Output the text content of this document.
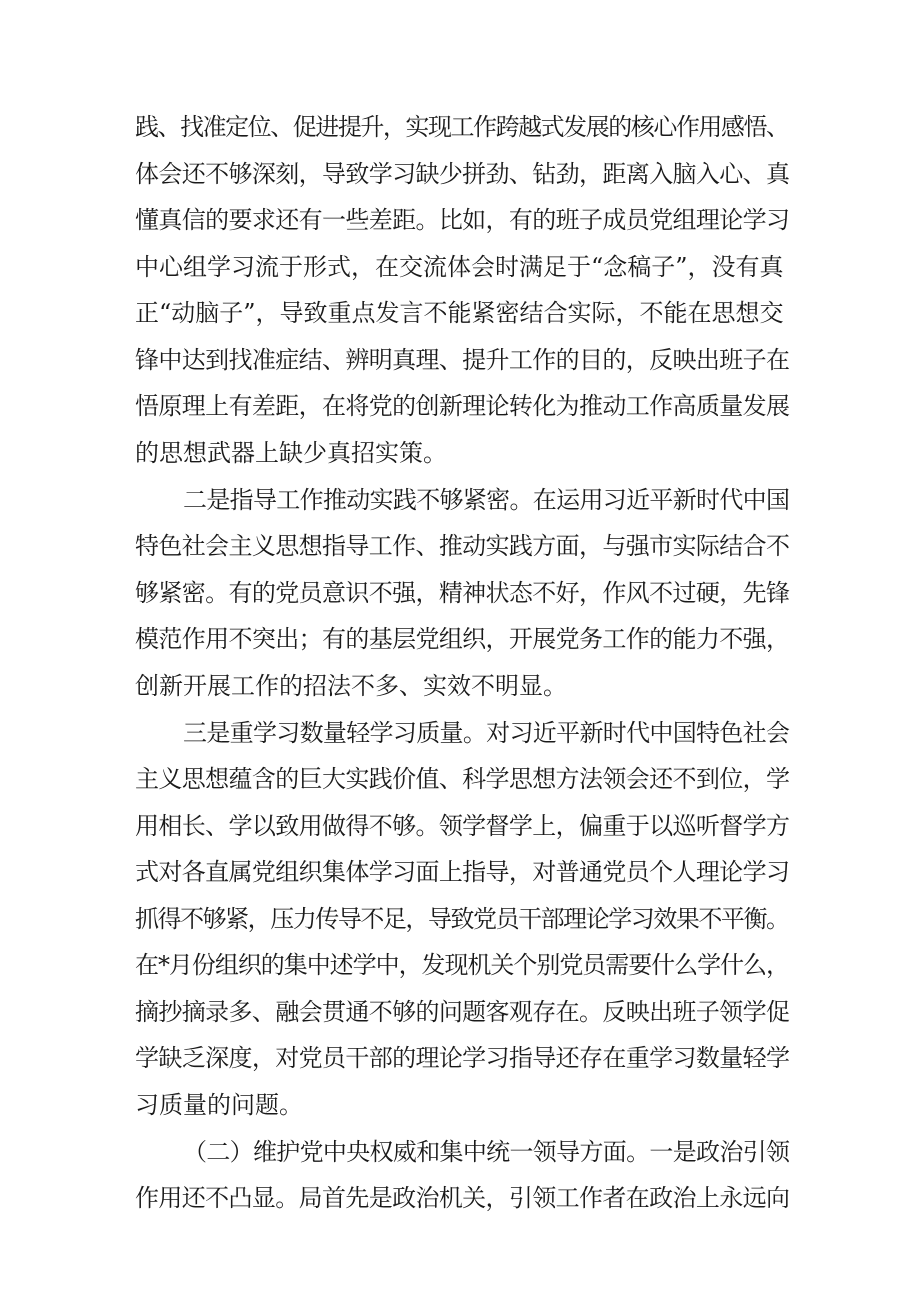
践、找准定位、促进提升，实现工作跨越式发展的核心作用感悟、
体会还不够深刻，导致学习缺少拼劲、钻劲，距离入脑入心、真
懂真信的要求还有一些差距。比如，有的班子成员党组理论学习
中心组学习流于形式，在交流体会时满足于“念稿子”，没有真
正“动脑子”，导致重点发言不能紧密结合实际，不能在思想交
锋中达到找准症结、辨明真理、提升工作的目的，反映出班子在
悟原理上有差距，在将党的创新理论转化为推动工作高质量发展
的思想武器上缺少真招实策。
二是指导工作推动实践不够紧密。在运用习近平新时代中国
特色社会主义思想指导工作、推动实践方面，与强市实际结合不
够紧密。有的党员意识不强，精神状态不好，作风不过硬，先锋
模范作用不突出；有的基层党组织，开展党务工作的能力不强，
创新开展工作的招法不多、实效不明显。
三是重学习数量轻学习质量。对习近平新时代中国特色社会
主义思想蕴含的巨大实践价值、科学思想方法领会还不到位，学
用相长、学以致用做得不够。领学督学上，偏重于以巡听督学方
式对各直属党组织集体学习面上指导，对普通党员个人理论学习
抓得不够紧，压力传导不足，导致党员干部理论学习效果不平衡。
在*月份组织的集中述学中，发现机关个别党员需要什么学什么，
摘抄摘录多、融会贯通不够的问题客观存在。反映出班子领学促
学缺乏深度，对党员干部的理论学习指导还存在重学习数量轻学
习质量的问题。
（二）维护党中央权威和集中统一领导方面。一是政治引领
作用还不凸显。局首先是政治机关，引领工作者在政治上永远向
